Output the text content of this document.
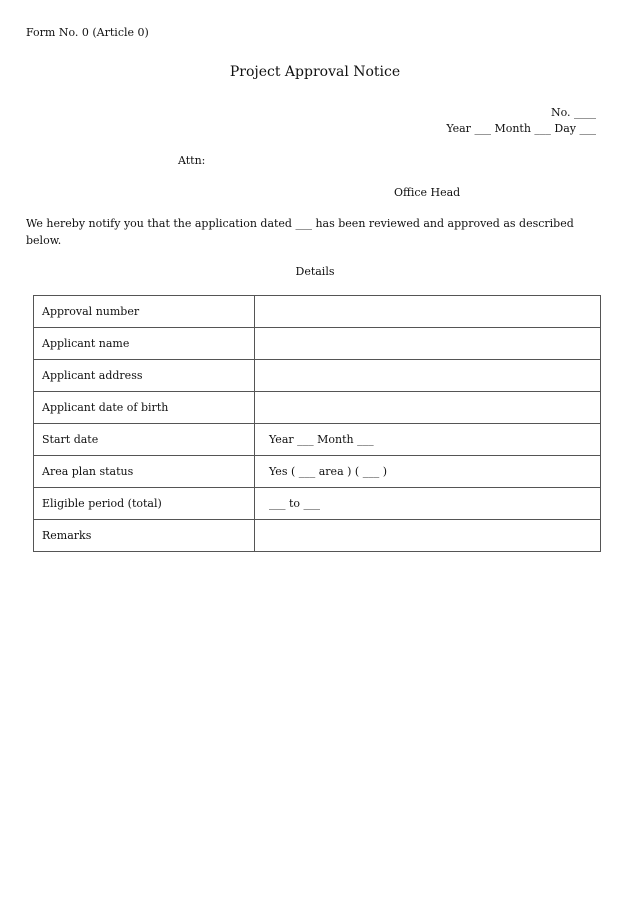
Form No. 0 (Article 0)
Project Approval Notice
No. ____
Year ___ Month ___ Day ___
Attn:
Office Head
We hereby notify you that the application dated ___ has been reviewed and approved as described below.
Details
Approval number	
Applicant name	
Applicant address	
Applicant date of birth	
Start date	Year ___ Month ___
Area plan status	Yes ( ___ area ) ( ___ )
Eligible period (total)	___ to ___
Remarks	
